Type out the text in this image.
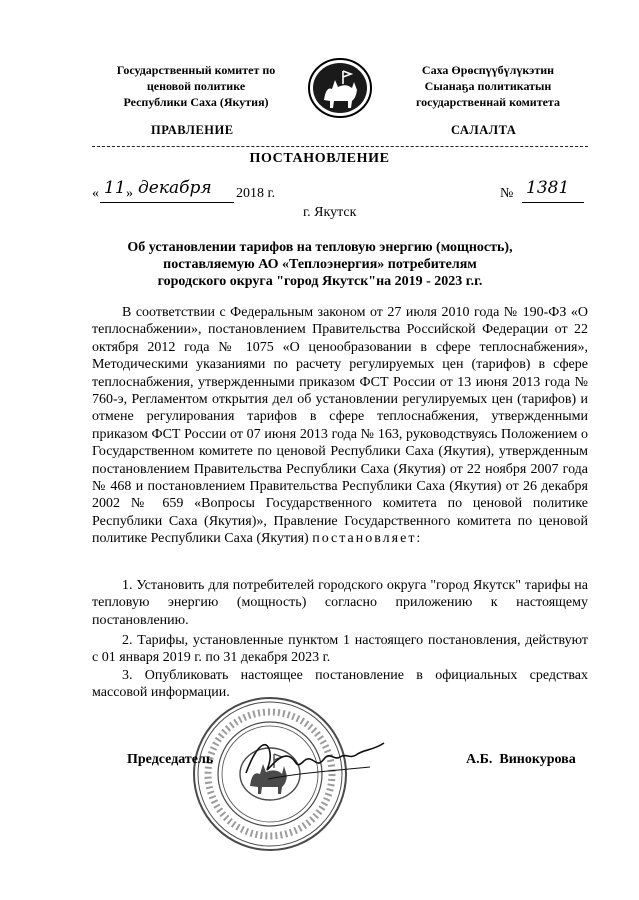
Государственный комитет по
ценовой политике
Республики Саха (Якутия)
Саха Өрөспүүбүлүкэтин
Сыанаҕа политикатын
государственнай комитета
ПРАВЛЕНИЕ	САЛАЛТА
ПОСТАНОВЛЕНИЕ
« 11 » декабря 2018 г.	№ 1381
г. Якутск
Об установлении тарифов на тепловую энергию (мощность),
поставляемую АО «Теплоэнергия» потребителям
городского округа "город Якутск"на 2019 - 2023 г.г.
В соответствии с Федеральным законом от 27 июля 2010 года № 190-ФЗ «О теплоснабжении», постановлением Правительства Российской Федерации от 22 октября 2012 года № 1075 «О ценообразовании в сфере теплоснабжения», Методическими указаниями по расчету регулируемых цен (тарифов) в сфере теплоснабжения, утвержденными приказом ФСТ России от 13 июня 2013 года № 760-э, Регламентом открытия дел об установлении регулируемых цен (тарифов) и отмене регулирования тарифов в сфере теплоснабжения, утвержденными приказом ФСТ России от 07 июня 2013 года № 163, руководствуясь Положением о Государственном комитете по ценовой Республики Саха (Якутия), утвержденным постановлением Правительства Республики Саха (Якутия) от 22 ноября 2007 года № 468 и постановлением Правительства Республики Саха (Якутия) от 26 декабря 2002 № 659 «Вопросы Государственного комитета по ценовой политике Республики Саха (Якутия)», Правление Государственного комитета по ценовой политике Республики Саха (Якутия) постановляет:
1. Установить для потребителей городского округа "город Якутск" тарифы на тепловую энергию (мощность) согласно приложению к настоящему постановлению.
2. Тарифы, установленные пунктом 1 настоящего постановления, действуют с 01 января 2019 г. по 31 декабря 2023 г.
3. Опубликовать настоящее постановление в официальных средствах массовой информации.
Председатель	А.Б.  Винокурова
